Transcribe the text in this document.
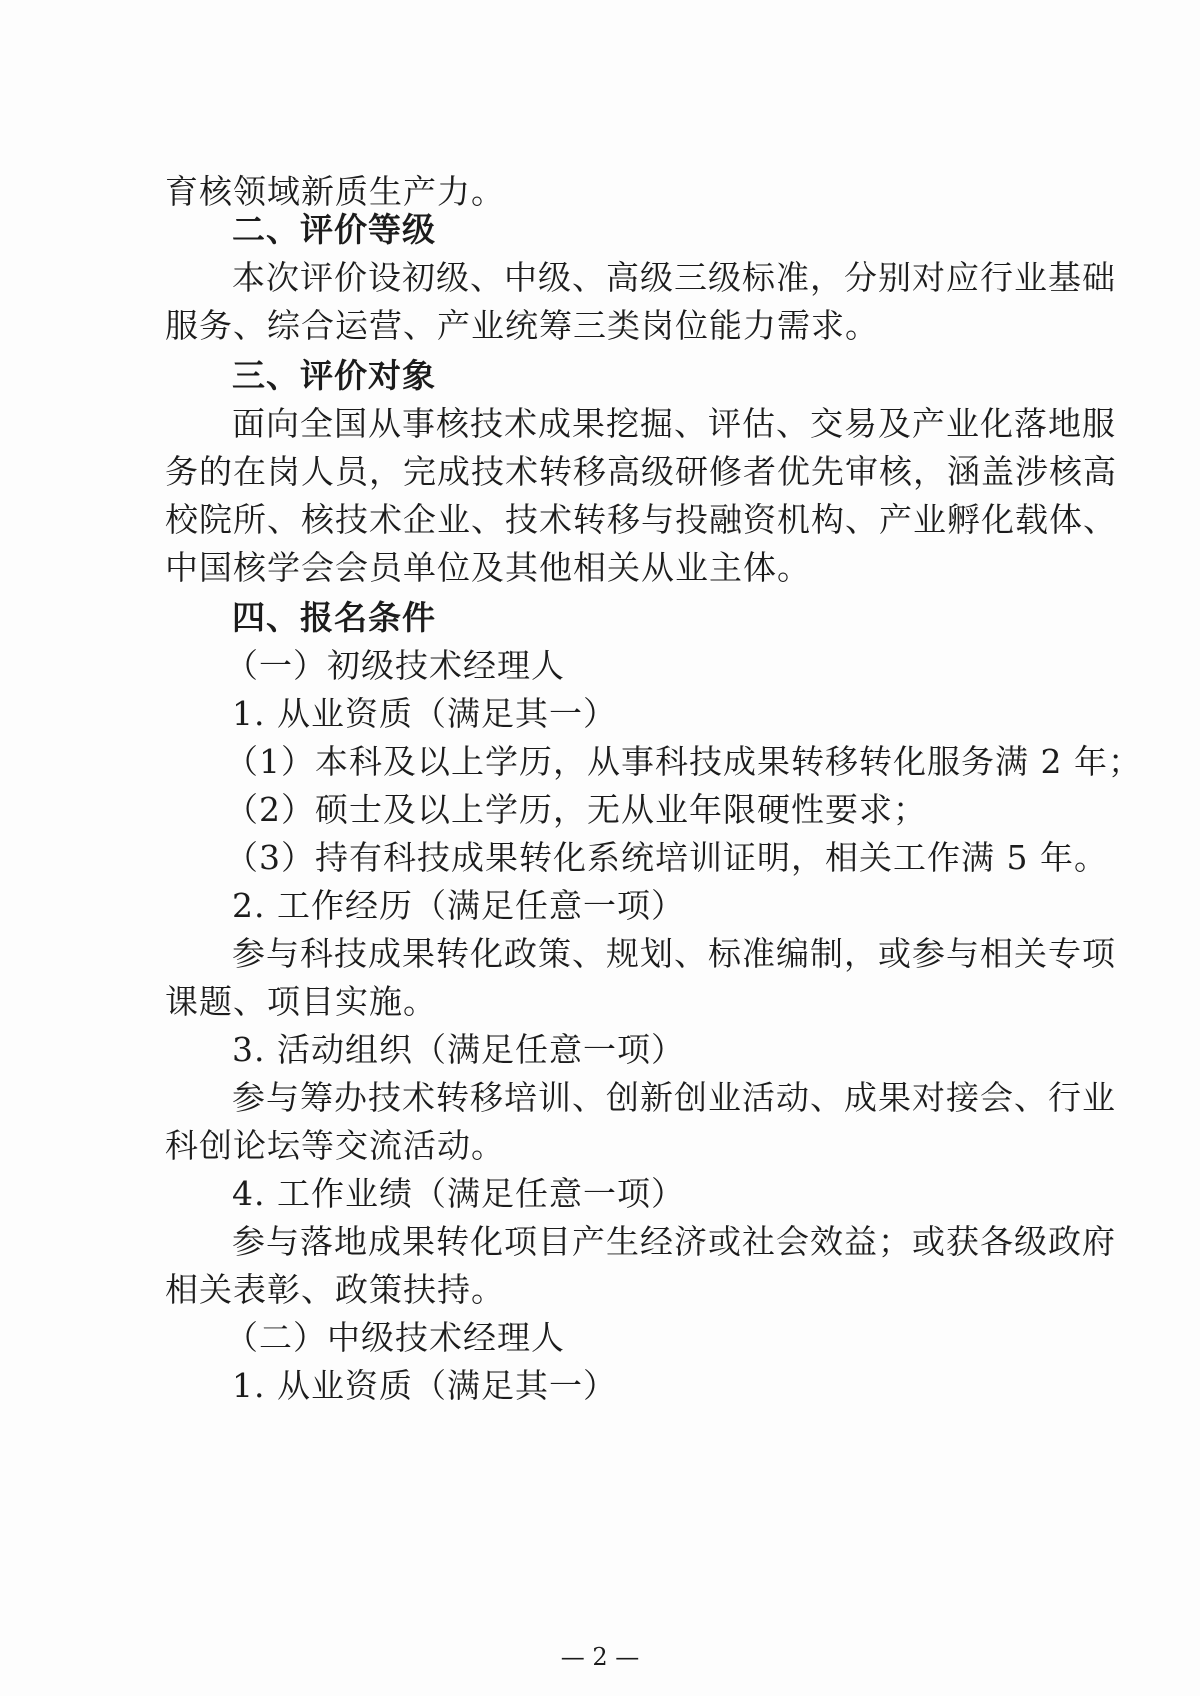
育核领域新质生产力。
二、评价等级
本次评价设初级、中级、高级三级标准，分别对应行业基础
服务、综合运营、产业统筹三类岗位能力需求。
三、评价对象
面向全国从事核技术成果挖掘、评估、交易及产业化落地服
务的在岗人员，完成技术转移高级研修者优先审核，涵盖涉核高
校院所、核技术企业、技术转移与投融资机构、产业孵化载体、
中国核学会会员单位及其他相关从业主体。
四、报名条件
（一）初级技术经理人
1. 从业资质（满足其一）
（1）本科及以上学历，从事科技成果转移转化服务满 2 年；
（2）硕士及以上学历，无从业年限硬性要求；
（3）持有科技成果转化系统培训证明，相关工作满 5 年。
2. 工作经历（满足任意一项）
参与科技成果转化政策、规划、标准编制，或参与相关专项
课题、项目实施。
3. 活动组织（满足任意一项）
参与筹办技术转移培训、创新创业活动、成果对接会、行业
科创论坛等交流活动。
4. 工作业绩（满足任意一项）
参与落地成果转化项目产生经济或社会效益；或获各级政府
相关表彰、政策扶持。
（二）中级技术经理人
1. 从业资质（满足其一）
— 2 —
